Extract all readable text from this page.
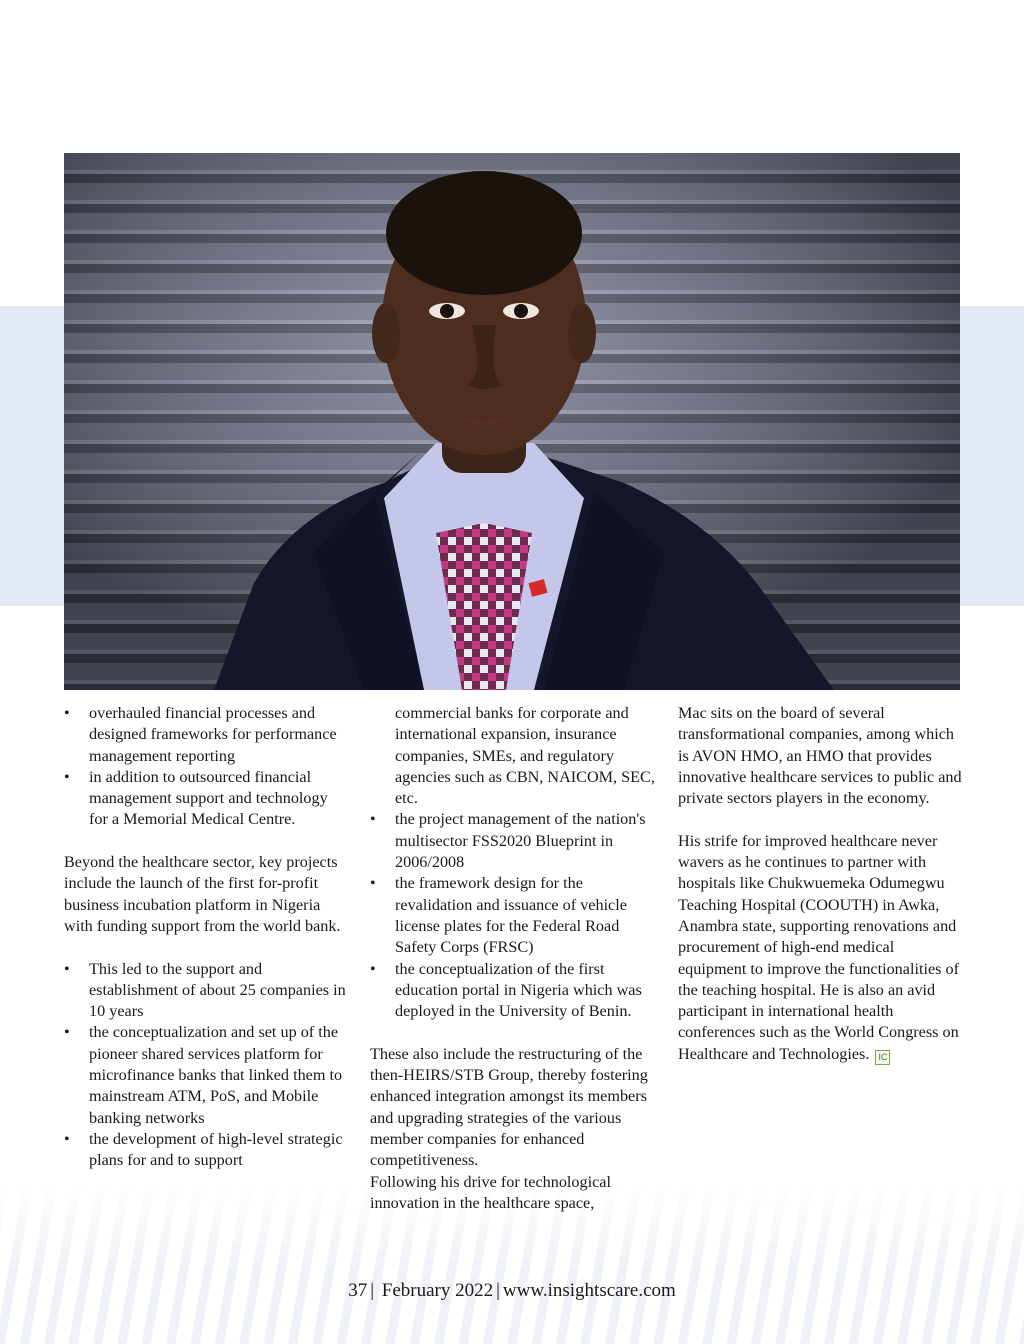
• overhauled financial processes and designed frameworks for performance management reporting
• in addition to outsourced financial management support and technology for a Memorial Medical Centre.

Beyond the healthcare sector, key projects include the launch of the first for-profit business incubation platform in Nigeria with funding support from the world bank.

• This led to the support and establishment of about 25 companies in 10 years
• the conceptualization and set up of the pioneer shared services platform for microfinance banks that linked them to mainstream ATM, PoS, and Mobile banking networks
• the development of high-level strategic plans for and to support

commercial banks for corporate and international expansion, insurance companies, SMEs, and regulatory agencies such as CBN, NAICOM, SEC, etc.

• the project management of the nation's multisector FSS2020 Blueprint in 2006/2008
• the framework design for the revalidation and issuance of vehicle license plates for the Federal Road Safety Corps (FRSC)
• the conceptualization of the first education portal in Nigeria which was deployed in the University of Benin.

These also include the restructuring of the then-HEIRS/STB Group, thereby fostering enhanced integration amongst its members and upgrading strategies of the various member companies for enhanced competitiveness.

Following his drive for technological innovation in the healthcare space,

Mac sits on the board of several transformational companies, among which is AVON HMO, an HMO that provides innovative healthcare services to public and private sectors players in the economy.

His strife for improved healthcare never wavers as he continues to partner with hospitals like Chukwuemeka Odumegwu Teaching Hospital (COOUTH) in Awka, Anambra state, supporting renovations and procurement of high-end medical equipment to improve the functionalities of the teaching hospital. He is also an avid participant in international health conferences such as the World Congress on Healthcare and Technologies. IC

37 | February 2022 | www.insightscare.com
